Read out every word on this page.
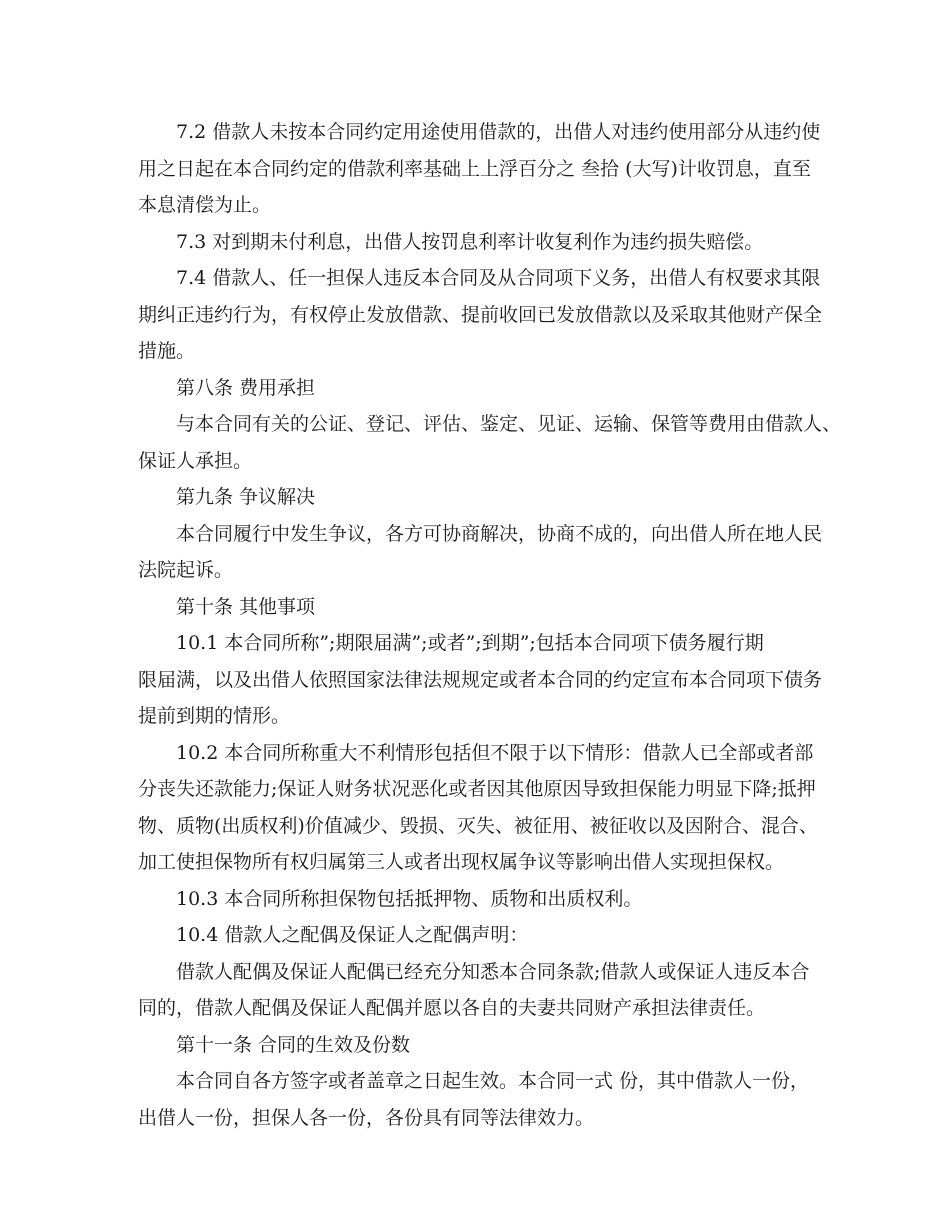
7.2 借款人未按本合同约定用途使用借款的，出借人对违约使用部分从违约使
用之日起在本合同约定的借款利率基础上上浮百分之 叁拾 (大写)计收罚息，直至
本息清偿为止。
7.3 对到期未付利息，出借人按罚息利率计收复利作为违约损失赔偿。
7.4 借款人、任一担保人违反本合同及从合同项下义务，出借人有权要求其限
期纠正违约行为，有权停止发放借款、提前收回已发放借款以及采取其他财产保全
措施。
第八条 费用承担
与本合同有关的公证、登记、评估、鉴定、见证、运输、保管等费用由借款人、
保证人承担。
第九条 争议解决
本合同履行中发生争议，各方可协商解决，协商不成的，向出借人所在地人民
法院起诉。
第十条 其他事项
10.1 本合同所称”;期限届满”;或者”;到期”;包括本合同项下债务履行期
限届满，以及出借人依照国家法律法规规定或者本合同的约定宣布本合同项下债务
提前到期的情形。
10.2 本合同所称重大不利情形包括但不限于以下情形：借款人已全部或者部
分丧失还款能力;保证人财务状况恶化或者因其他原因导致担保能力明显下降;抵押
物、质物(出质权利)价值减少、毁损、灭失、被征用、被征收以及因附合、混合、
加工使担保物所有权归属第三人或者出现权属争议等影响出借人实现担保权。
10.3 本合同所称担保物包括抵押物、质物和出质权利。
10.4 借款人之配偶及保证人之配偶声明：
借款人配偶及保证人配偶已经充分知悉本合同条款;借款人或保证人违反本合
同的，借款人配偶及保证人配偶并愿以各自的夫妻共同财产承担法律责任。
第十一条 合同的生效及份数
本合同自各方签字或者盖章之日起生效。本合同一式 份，其中借款人一份，
出借人一份，担保人各一份，各份具有同等法律效力。
